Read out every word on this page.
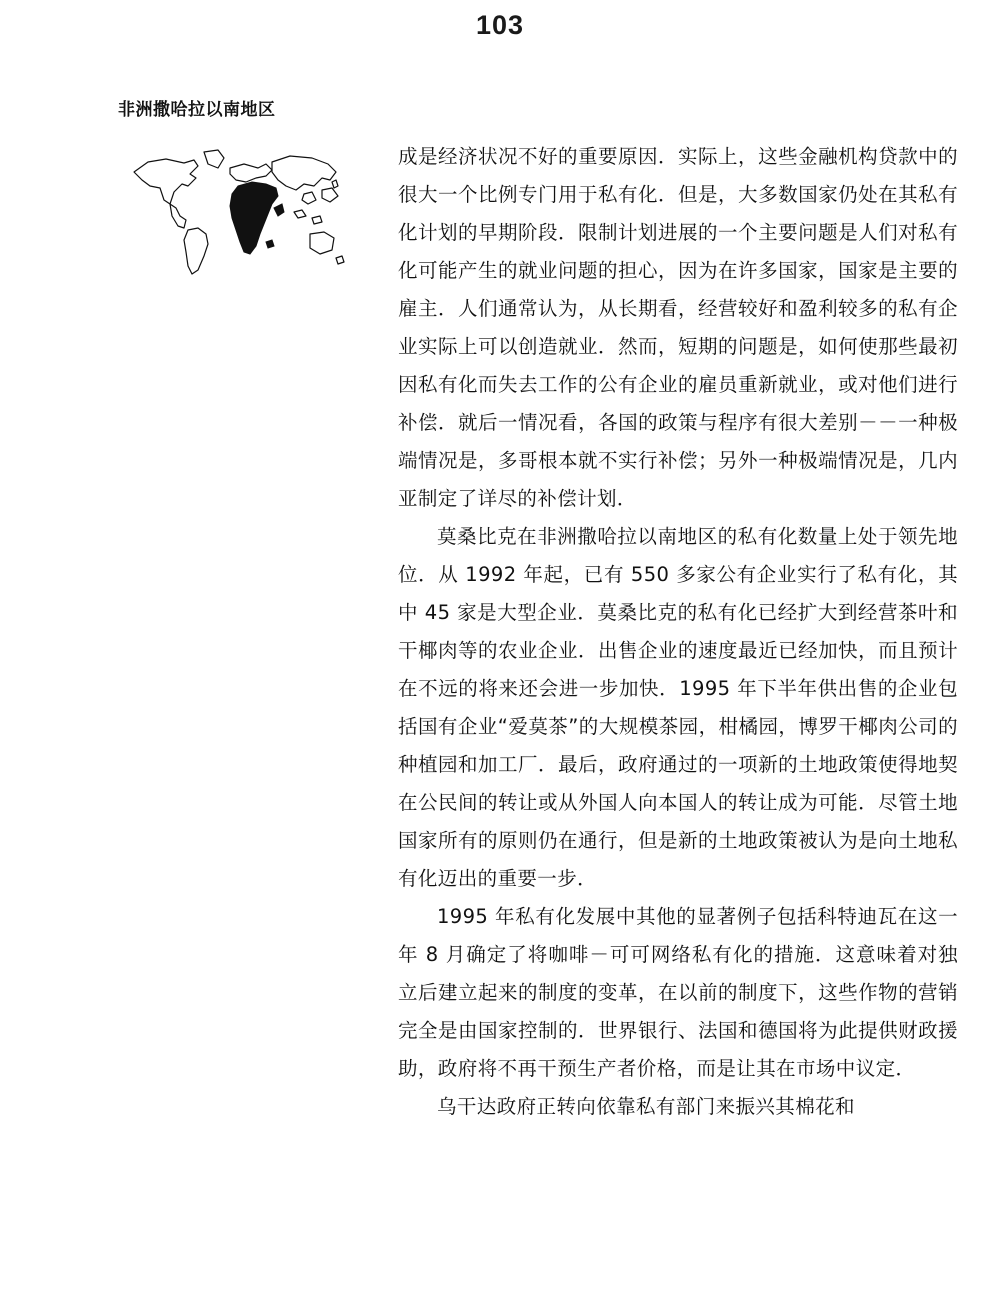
103
非洲撒哈拉以南地区

成是经济状况不好的重要原因．实际上，这些金融机构贷款中的很大一个比例专门用于私有化．但是，大多数国家仍处在其私有化计划的早期阶段．限制计划进展的一个主要问题是人们对私有化可能产生的就业问题的担心，因为在许多国家，国家是主要的雇主．人们通常认为，从长期看，经营较好和盈利较多的私有企业实际上可以创造就业．然而，短期的问题是，如何使那些最初因私有化而失去工作的公有企业的雇员重新就业，或对他们进行补偿．就后一情况看，各国的政策与程序有很大差别－－一种极端情况是，多哥根本就不实行补偿；另外一种极端情况是，几内亚制定了详尽的补偿计划．

莫桑比克在非洲撒哈拉以南地区的私有化数量上处于领先地位．从 1992 年起，已有 550 多家公有企业实行了私有化，其中 45 家是大型企业．莫桑比克的私有化已经扩大到经营茶叶和干椰肉等的农业企业．出售企业的速度最近已经加快，而且预计在不远的将来还会进一步加快．1995 年下半年供出售的企业包括国有企业“爱莫茶”的大规模茶园，柑橘园，博罗干椰肉公司的种植园和加工厂．最后，政府通过的一项新的土地政策使得地契在公民间的转让或从外国人向本国人的转让成为可能．尽管土地国家所有的原则仍在通行，但是新的土地政策被认为是向土地私有化迈出的重要一步．

1995 年私有化发展中其他的显著例子包括科特迪瓦在这一年 8 月确定了将咖啡－可可网络私有化的措施．这意味着对独立后建立起来的制度的变革，在以前的制度下，这些作物的营销完全是由国家控制的．世界银行、法国和德国将为此提供财政援助，政府将不再干预生产者价格，而是让其在市场中议定．

乌干达政府正转向依靠私有部门来振兴其棉花和
